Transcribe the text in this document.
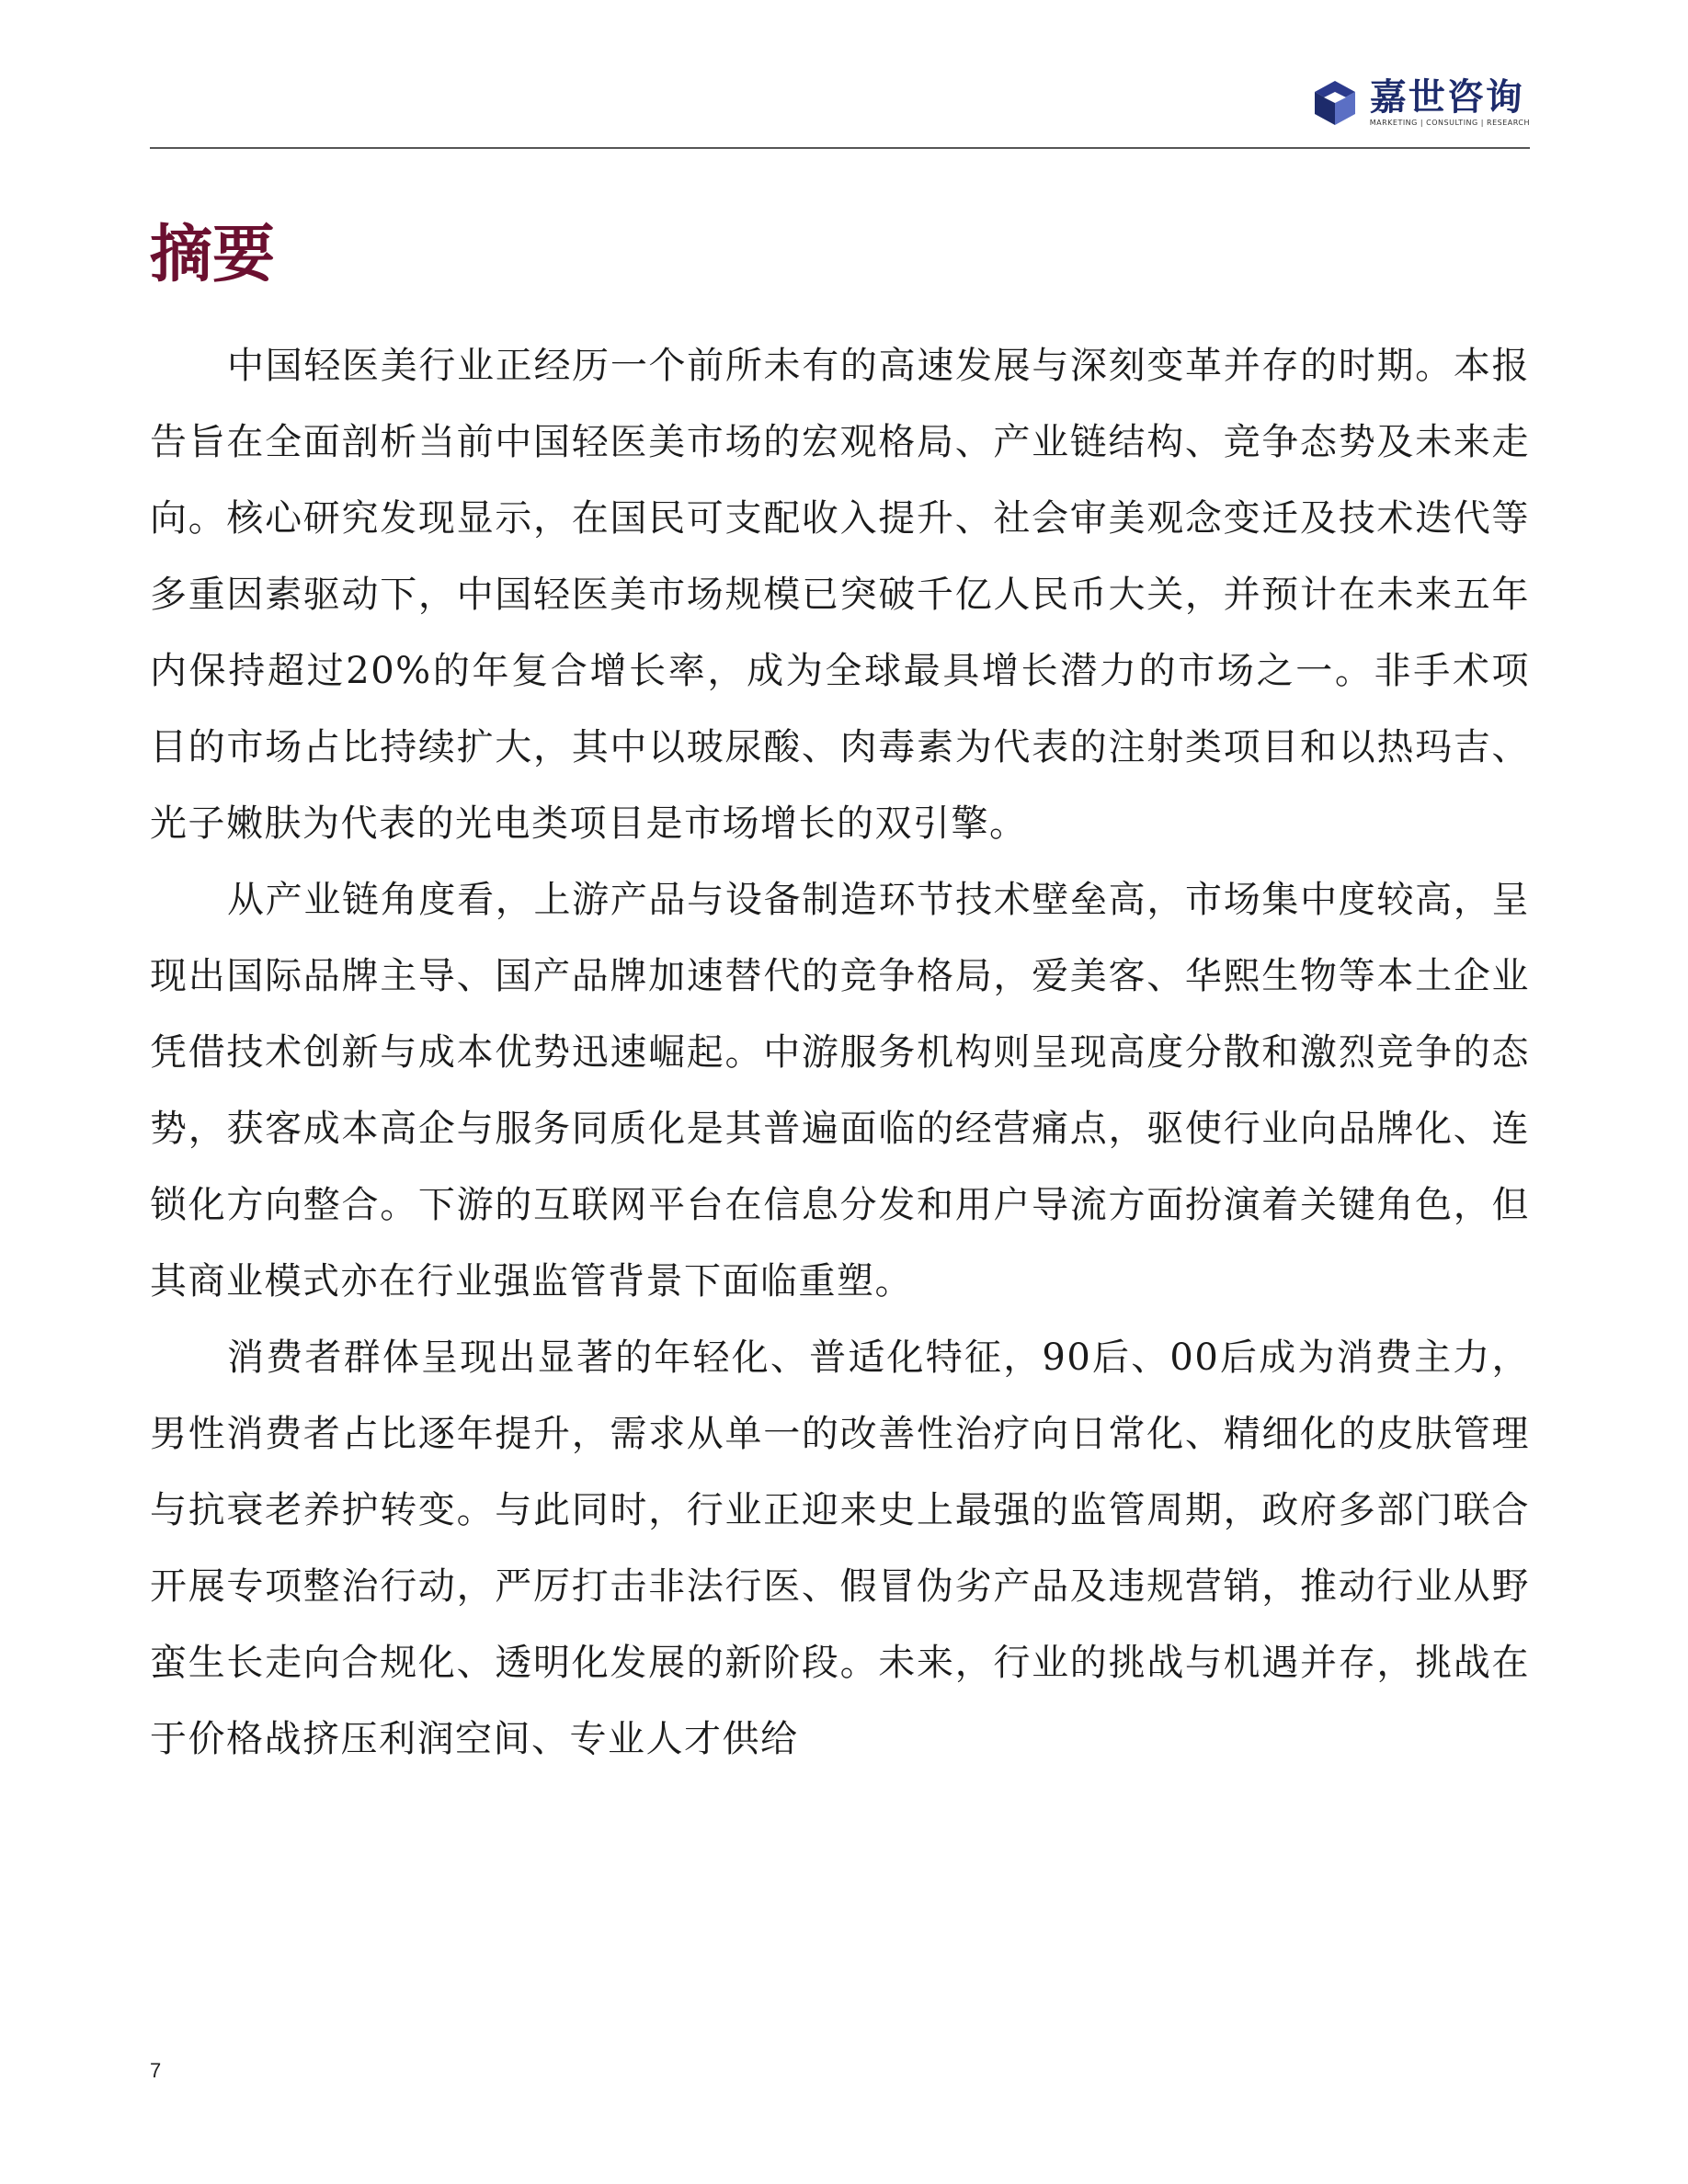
嘉世咨询
MARKETING | CONSULTING | RESEARCH
摘要

中国轻医美行业正经历一个前所未有的高速发展与深刻变革并存的时期。本报告旨在全面剖析当前中国轻医美市场的宏观格局、产业链结构、竞争态势及未来走向。核心研究发现显示，在国民可支配收入提升、社会审美观念变迁及技术迭代等多重因素驱动下，中国轻医美市场规模已突破千亿人民币大关，并预计在未来五年内保持超过20%的年复合增长率，成为全球最具增长潜力的市场之一。非手术项目的市场占比持续扩大，其中以玻尿酸、肉毒素为代表的注射类项目和以热玛吉、光子嫩肤为代表的光电类项目是市场增长的双引擎。

从产业链角度看，上游产品与设备制造环节技术壁垒高，市场集中度较高，呈现出国际品牌主导、国产品牌加速替代的竞争格局，爱美客、华熙生物等本土企业凭借技术创新与成本优势迅速崛起。中游服务机构则呈现高度分散和激烈竞争的态势，获客成本高企与服务同质化是其普遍面临的经营痛点，驱使行业向品牌化、连锁化方向整合。下游的互联网平台在信息分发和用户导流方面扮演着关键角色，但其商业模式亦在行业强监管背景下面临重塑。

消费者群体呈现出显著的年轻化、普适化特征，90后、00后成为消费主力，男性消费者占比逐年提升，需求从单一的改善性治疗向日常化、精细化的皮肤管理与抗衰老养护转变。与此同时，行业正迎来史上最强的监管周期，政府多部门联合开展专项整治行动，严厉打击非法行医、假冒伪劣产品及违规营销，推动行业从野蛮生长走向合规化、透明化发展的新阶段。未来，行业的挑战与机遇并存，挑战在于价格战挤压利润空间、专业人才供给

7
